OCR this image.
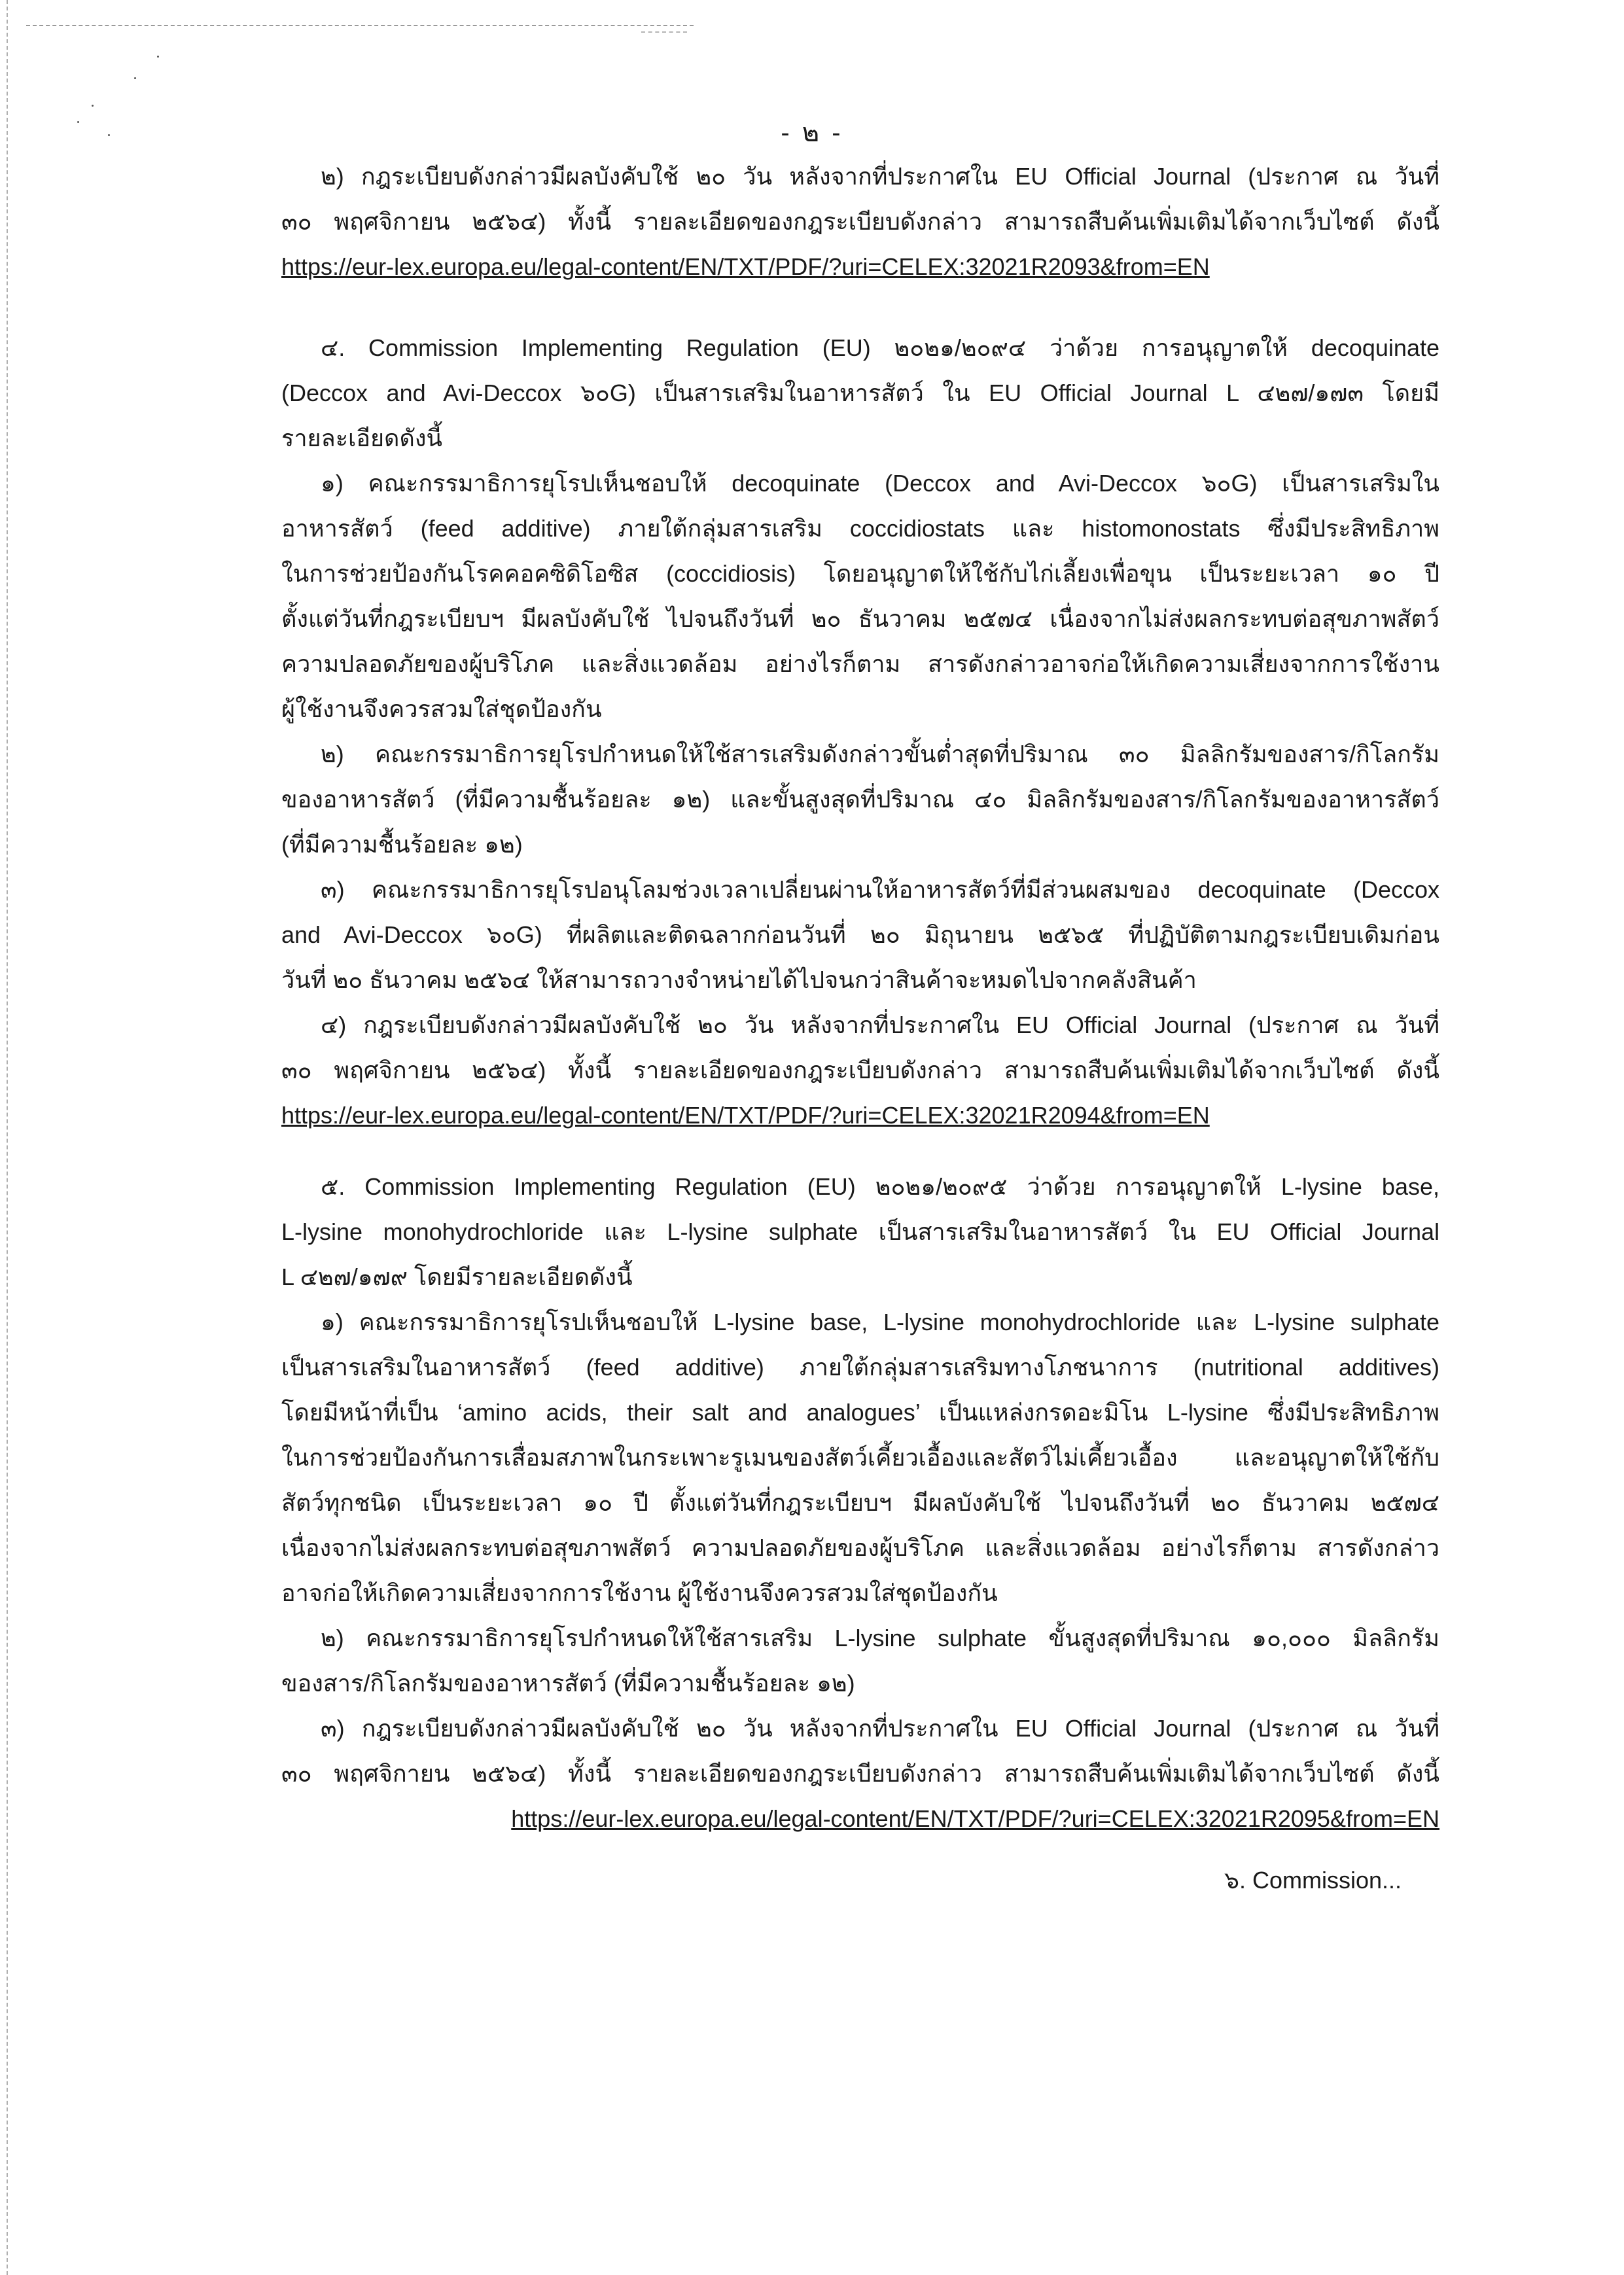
- ๒ -
๒) กฎระเบียบดังกล่าวมีผลบังคับใช้ ๒๐ วัน หลังจากที่ประกาศใน EU Official Journal (ประกาศ ณ วันที่
๓๐ พฤศจิกายน ๒๕๖๔) ทั้งนี้ รายละเอียดของกฎระเบียบดังกล่าว สามารถสืบค้นเพิ่มเติมได้จากเว็บไซต์ ดังนี้
https://eur-lex.europa.eu/legal-content/EN/TXT/PDF/?uri=CELEX:32021R2093&from=EN
๔. Commission Implementing Regulation (EU) ๒๐๒๑/๒๐๙๔ ว่าด้วย การอนุญาตให้ decoquinate
(Deccox and Avi-Deccox ๖๐G) เป็นสารเสริมในอาหารสัตว์ ใน EU Official Journal L ๔๒๗/๑๗๓ โดยมี
รายละเอียดดังนี้
๑) คณะกรรมาธิการยุโรปเห็นชอบให้ decoquinate (Deccox and Avi-Deccox ๖๐G) เป็นสารเสริมใน
อาหารสัตว์ (feed additive) ภายใต้กลุ่มสารเสริม coccidiostats และ histomonostats ซึ่งมีประสิทธิภาพ
ในการช่วยป้องกันโรคคอคซิดิโอซิส (coccidiosis) โดยอนุญาตให้ใช้กับไก่เลี้ยงเพื่อขุน เป็นระยะเวลา ๑๐ ปี
ตั้งแต่วันที่กฎระเบียบฯ มีผลบังคับใช้ ไปจนถึงวันที่ ๒๐ ธันวาคม ๒๕๗๔ เนื่องจากไม่ส่งผลกระทบต่อสุขภาพสัตว์
ความปลอดภัยของผู้บริโภค และสิ่งแวดล้อม อย่างไรก็ตาม สารดังกล่าวอาจก่อให้เกิดความเสี่ยงจากการใช้งาน
ผู้ใช้งานจึงควรสวมใส่ชุดป้องกัน
๒) คณะกรรมาธิการยุโรปกำหนดให้ใช้สารเสริมดังกล่าวขั้นต่ำสุดที่ปริมาณ ๓๐ มิลลิกรัมของสาร/กิโลกรัม
ของอาหารสัตว์ (ที่มีความชื้นร้อยละ ๑๒) และขั้นสูงสุดที่ปริมาณ ๔๐ มิลลิกรัมของสาร/กิโลกรัมของอาหารสัตว์
(ที่มีความชื้นร้อยละ ๑๒)
๓) คณะกรรมาธิการยุโรปอนุโลมช่วงเวลาเปลี่ยนผ่านให้อาหารสัตว์ที่มีส่วนผสมของ decoquinate (Deccox
and Avi-Deccox ๖๐G) ที่ผลิตและติดฉลากก่อนวันที่ ๒๐ มิถุนายน ๒๕๖๕ ที่ปฏิบัติตามกฎระเบียบเดิมก่อน
วันที่ ๒๐ ธันวาคม ๒๕๖๔ ให้สามารถวางจำหน่ายได้ไปจนกว่าสินค้าจะหมดไปจากคลังสินค้า
๔) กฎระเบียบดังกล่าวมีผลบังคับใช้ ๒๐ วัน หลังจากที่ประกาศใน EU Official Journal (ประกาศ ณ วันที่
๓๐ พฤศจิกายน ๒๕๖๔) ทั้งนี้ รายละเอียดของกฎระเบียบดังกล่าว สามารถสืบค้นเพิ่มเติมได้จากเว็บไซต์ ดังนี้
https://eur-lex.europa.eu/legal-content/EN/TXT/PDF/?uri=CELEX:32021R2094&from=EN
๕. Commission Implementing Regulation (EU) ๒๐๒๑/๒๐๙๕ ว่าด้วย การอนุญาตให้ L-lysine base,
L-lysine monohydrochloride และ L-lysine sulphate เป็นสารเสริมในอาหารสัตว์ ใน EU Official Journal
L ๔๒๗/๑๗๙ โดยมีรายละเอียดดังนี้
๑) คณะกรรมาธิการยุโรปเห็นชอบให้ L-lysine base, L-lysine monohydrochloride และ L-lysine sulphate
เป็นสารเสริมในอาหารสัตว์ (feed additive) ภายใต้กลุ่มสารเสริมทางโภชนาการ (nutritional additives)
โดยมีหน้าที่เป็น ‘amino acids, their salt and analogues’ เป็นแหล่งกรดอะมิโน L-lysine ซึ่งมีประสิทธิภาพ
ในการช่วยป้องกันการเสื่อมสภาพในกระเพาะรูเมนของสัตว์เคี้ยวเอื้องและสัตว์ไม่เคี้ยวเอื้อง และอนุญาตให้ใช้กับ
สัตว์ทุกชนิด เป็นระยะเวลา ๑๐ ปี ตั้งแต่วันที่กฎระเบียบฯ มีผลบังคับใช้ ไปจนถึงวันที่ ๒๐ ธันวาคม ๒๕๗๔
เนื่องจากไม่ส่งผลกระทบต่อสุขภาพสัตว์ ความปลอดภัยของผู้บริโภค และสิ่งแวดล้อม อย่างไรก็ตาม สารดังกล่าว
อาจก่อให้เกิดความเสี่ยงจากการใช้งาน ผู้ใช้งานจึงควรสวมใส่ชุดป้องกัน
๒) คณะกรรมาธิการยุโรปกำหนดให้ใช้สารเสริม L-lysine sulphate ขั้นสูงสุดที่ปริมาณ ๑๐,๐๐๐ มิลลิกรัม
ของสาร/กิโลกรัมของอาหารสัตว์ (ที่มีความชื้นร้อยละ ๑๒)
๓) กฎระเบียบดังกล่าวมีผลบังคับใช้ ๒๐ วัน หลังจากที่ประกาศใน EU Official Journal (ประกาศ ณ วันที่
๓๐ พฤศจิกายน ๒๕๖๔) ทั้งนี้ รายละเอียดของกฎระเบียบดังกล่าว สามารถสืบค้นเพิ่มเติมได้จากเว็บไซต์ ดังนี้
https://eur-lex.europa.eu/legal-content/EN/TXT/PDF/?uri=CELEX:32021R2095&from=EN
๖. Commission...
